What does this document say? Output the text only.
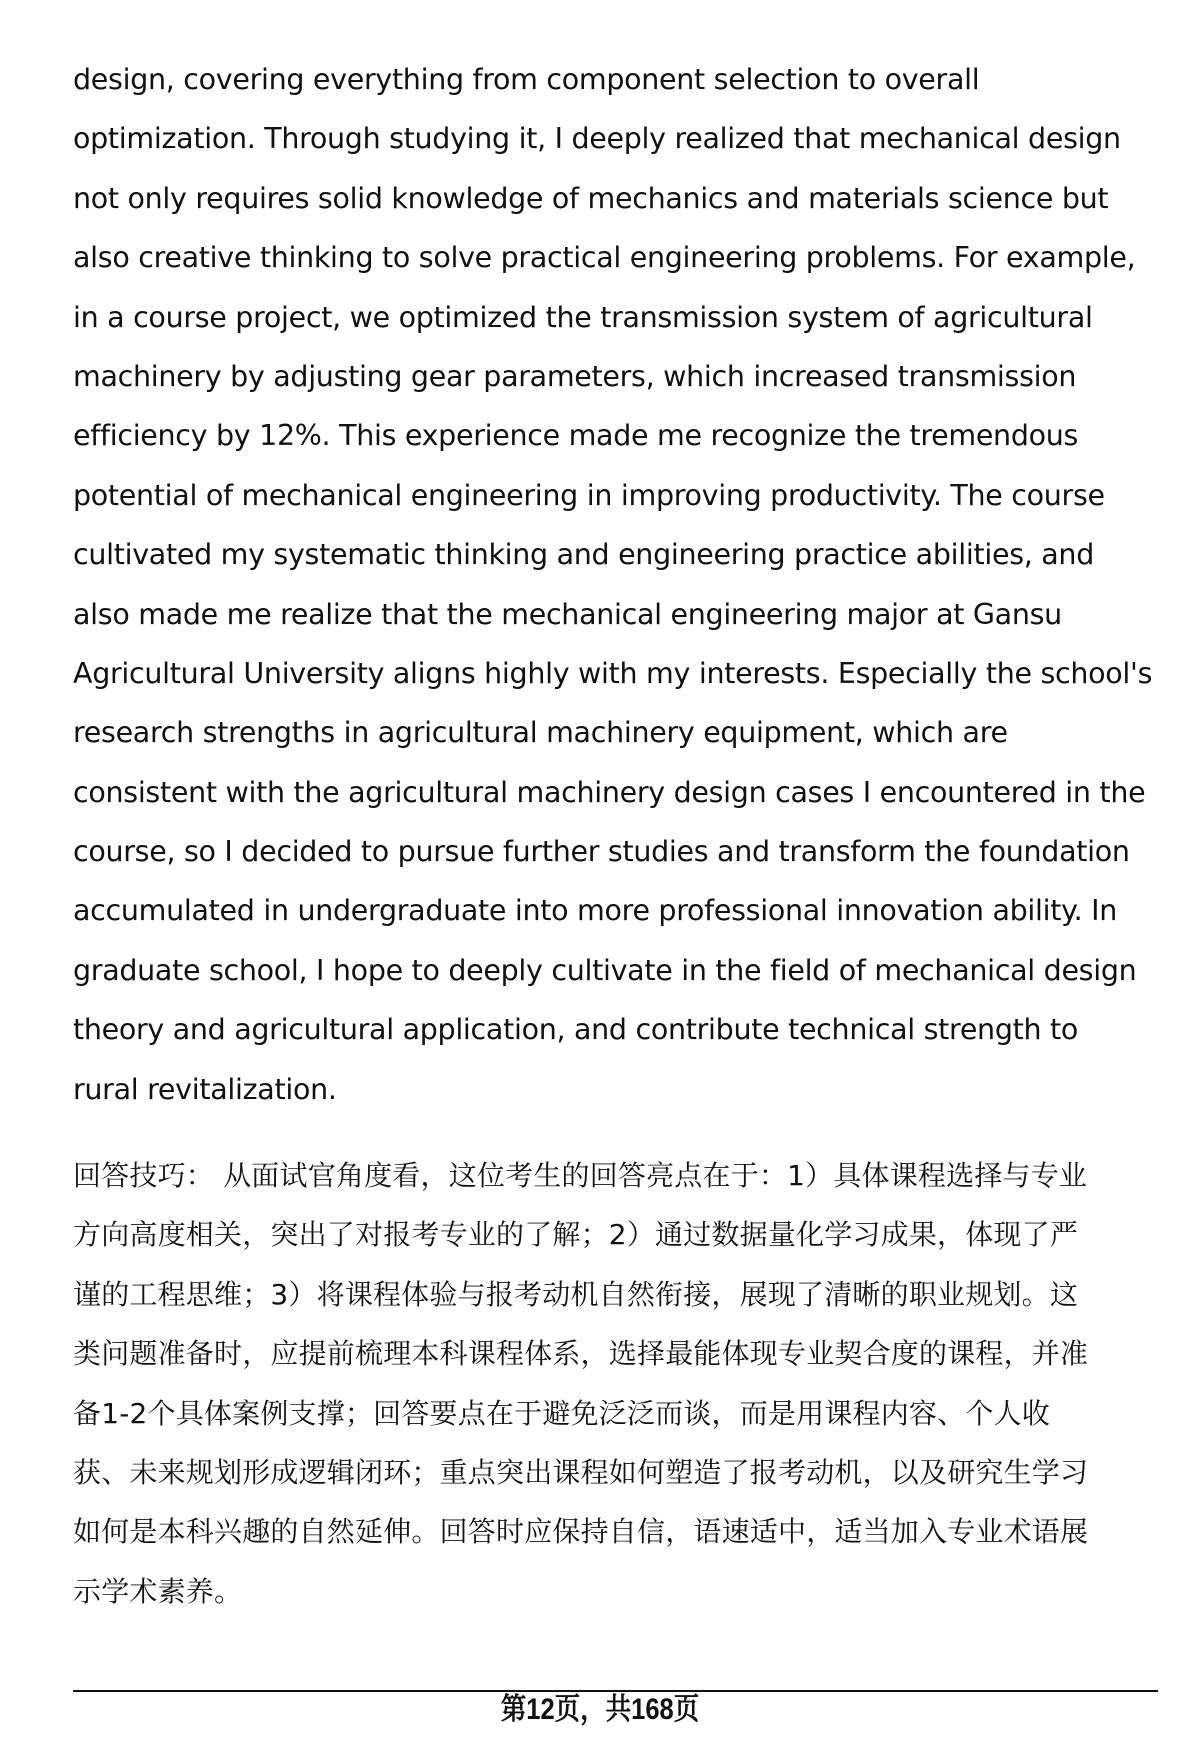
design, covering everything from component selection to overall
optimization. Through studying it, I deeply realized that mechanical design
not only requires solid knowledge of mechanics and materials science but
also creative thinking to solve practical engineering problems. For example,
in a course project, we optimized the transmission system of agricultural
machinery by adjusting gear parameters, which increased transmission
efficiency by 12%. This experience made me recognize the tremendous
potential of mechanical engineering in improving productivity. The course
cultivated my systematic thinking and engineering practice abilities, and
also made me realize that the mechanical engineering major at Gansu
Agricultural University aligns highly with my interests. Especially the school's
research strengths in agricultural machinery equipment, which are
consistent with the agricultural machinery design cases I encountered in the
course, so I decided to pursue further studies and transform the foundation
accumulated in undergraduate into more professional innovation ability. In
graduate school, I hope to deeply cultivate in the field of mechanical design
theory and agricultural application, and contribute technical strength to
rural revitalization.
回答技巧： 从面试官角度看，这位考生的回答亮点在于：1）具体课程选择与专业
方向高度相关，突出了对报考专业的了解；2）通过数据量化学习成果，体现了严
谨的工程思维；3）将课程体验与报考动机自然衔接，展现了清晰的职业规划。这
类问题准备时，应提前梳理本科课程体系，选择最能体现专业契合度的课程，并准
备1-2个具体案例支撑；回答要点在于避免泛泛而谈，而是用课程内容、个人收
获、未来规划形成逻辑闭环；重点突出课程如何塑造了报考动机，以及研究生学习
如何是本科兴趣的自然延伸。回答时应保持自信，语速适中，适当加入专业术语展
示学术素养。
第12页，共168页
